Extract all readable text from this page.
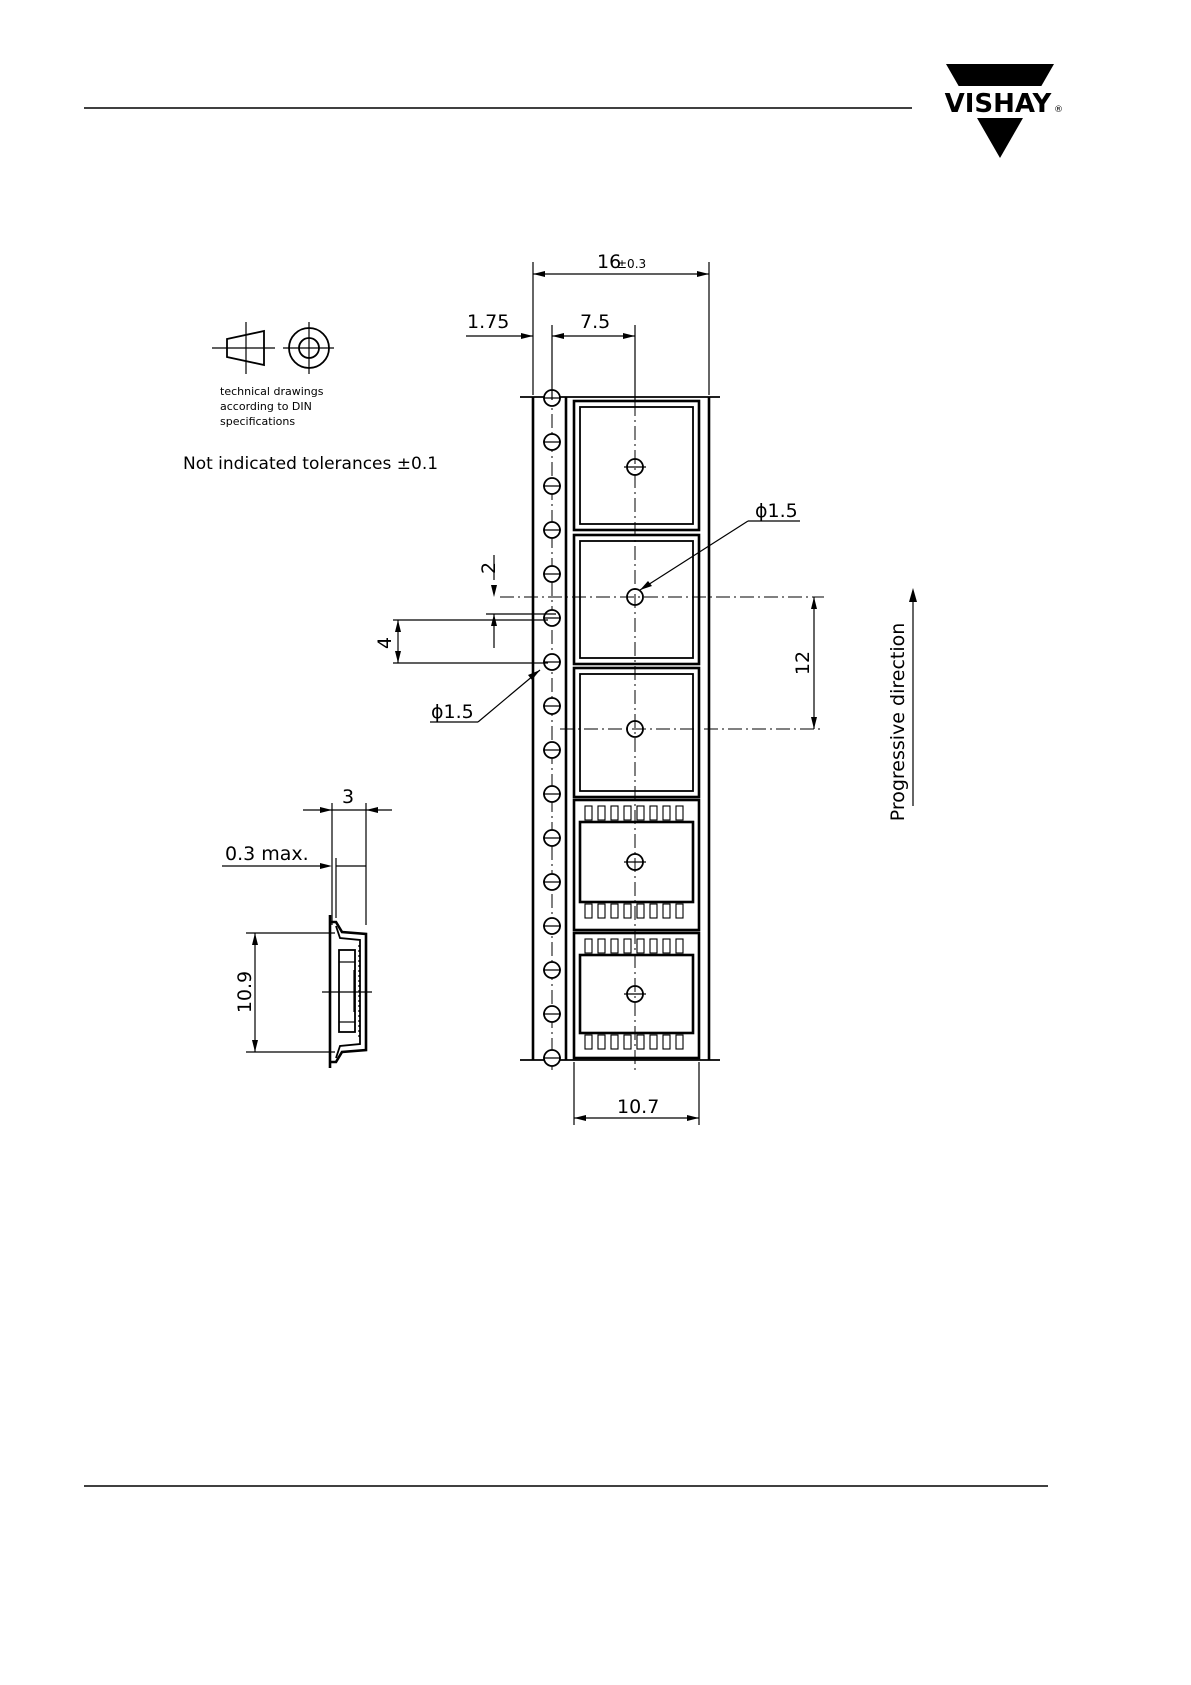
VISHAY ®
technical drawings
according to DIN
specifications
Not indicated tolerances ±0.1
16
±0.3
1.75	7.5
ϕ1.5
2
4
ϕ1.5
12
10.7
Progressive direction
3
0.3 max.
10.9
